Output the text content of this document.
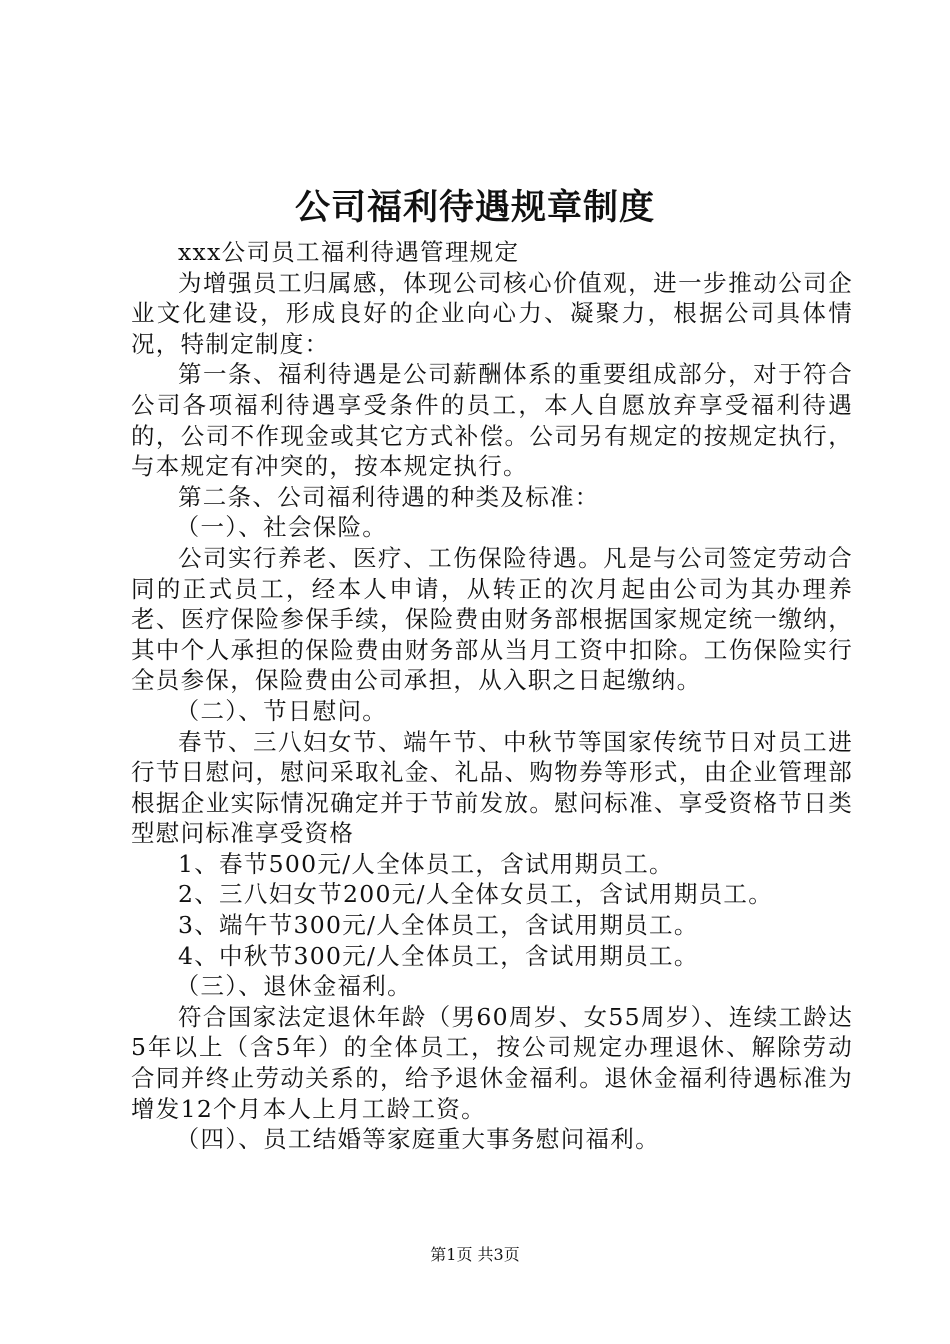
公司福利待遇规章制度

xxx公司员工福利待遇管理规定

为增强员工归属感，体现公司核心价值观，进一步推动公司企业文化建设，形成良好的企业向心力、凝聚力，根据公司具体情况，特制定制度：

第一条、福利待遇是公司薪酬体系的重要组成部分，对于符合公司各项福利待遇享受条件的员工，本人自愿放弃享受福利待遇的，公司不作现金或其它方式补偿。公司另有规定的按规定执行，与本规定有冲突的，按本规定执行。

第二条、公司福利待遇的种类及标准：

（一）、社会保险。

公司实行养老、医疗、工伤保险待遇。凡是与公司签定劳动合同的正式员工，经本人申请，从转正的次月起由公司为其办理养老、医疗保险参保手续，保险费由财务部根据国家规定统一缴纳，其中个人承担的保险费由财务部从当月工资中扣除。工伤保险实行全员参保，保险费由公司承担，从入职之日起缴纳。

（二）、节日慰问。

春节、三八妇女节、端午节、中秋节等国家传统节日对员工进行节日慰问，慰问采取礼金、礼品、购物券等形式，由企业管理部根据企业实际情况确定并于节前发放。慰问标准、享受资格节日类型慰问标准享受资格

1、春节500元/人全体员工，含试用期员工。

2、三八妇女节200元/人全体女员工，含试用期员工。

3、端午节300元/人全体员工，含试用期员工。

4、中秋节300元/人全体员工，含试用期员工。

（三）、退休金福利。

符合国家法定退休年龄（男60周岁、女55周岁）、连续工龄达5年以上（含5年）的全体员工，按公司规定办理退休、解除劳动合同并终止劳动关系的，给予退休金福利。退休金福利待遇标准为增发12个月本人上月工龄工资。

（四）、员工结婚等家庭重大事务慰问福利。

第1页 共3页
